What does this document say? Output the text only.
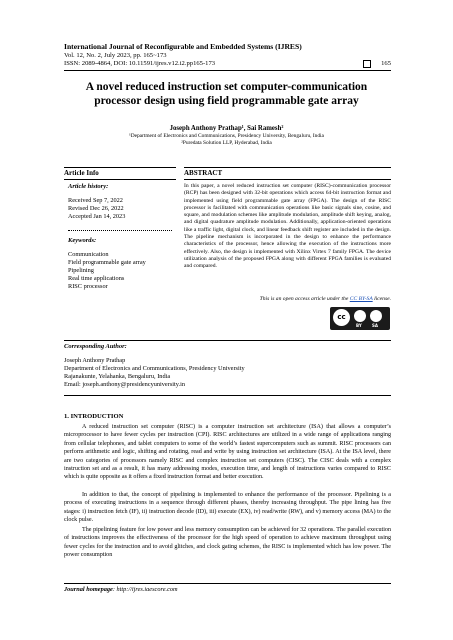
International Journal of Reconfigurable and Embedded Systems (IJRES)
Vol. 12, No. 2, July 2023, pp. 165~173
ISSN: 2089-4864, DOI: 10.11591/ijres.v12.i2.pp165-173	165
A novel reduced instruction set computer-communication processor design using field programmable gate array
Joseph Anthony Prathap¹, Sai Ramesh²
¹Department of Electronics and Communications, Presidency University, Bengaluru, India
²Puredata Solution LLP, Hyderabad, India
Article Info
Article history:
Received Sep 7, 2022
Revised Dec 26, 2022
Accepted Jan 14, 2023
Keywords:
Communication
Field programmable gate array
Pipelining
Real time applications
RISC processor
ABSTRACT
In this paper, a novel reduced instruction set computer (RISC)-communication processor (RCP) has been designed with 32-bit operations which access 64-bit instruction format and implemented using field programmable gate array (FPGA). The design of the RISC processor is facilitated with communication operations like basic signals sine, cosine, and square, and modulation schemes like amplitude modulation, amplitude shift keying, analog, and digital quadrature amplitude modulation. Additionally, application-oriented operations like a traffic light, digital clock, and linear feedback shift register are included in the design. The pipeline mechanism is incorporated in the design to enhance the performance characteristics of the processor, hence allowing the execution of the instructions more effectively. Also, the design is implemented with Xilinx Virtex 7 family FPGA. The device utilization analysis of the proposed FPGA along with different FPGA families is evaluated and compared.
This is an open access article under the CC BY-SA license.
cc
BY	SA
Corresponding Author:
Joseph Anthony Prathap
Department of Electronics and Communications, Presidency University
Rajanakunte, Yelahanka, Bengaluru, India
Email: joseph.anthony@presidencyuniversity.in
1. INTRODUCTION
A reduced instruction set computer (RISC) is a computer instruction set architecture (ISA) that allows a computer’s microprocessor to have fewer cycles per instruction (CPI). RISC architectures are utilized in a wide range of applications ranging from cellular telephones, and tablet computers to some of the world’s fastest supercomputers such as summit. RISC processors can perform arithmetic and logic, shifting and rotating, read and write by using instruction set architecture (ISA). At the ISA level, there are two categories of processors namely RISC and complex instruction set computers (CISC). The CISC deals with a complex instruction set and as a result, it has many addressing modes, execution time, and length of instructions varies compared to RISC which is quite opposite as it offers a fixed instruction format and better execution.
In addition to that, the concept of pipelining is implemented to enhance the performance of the processor. Pipelining is a process of executing instructions in a sequence through different phases, thereby increasing throughput. The pipe lining has five stages: i) instruction fetch (IF), ii) instruction decode (ID), iii) execute (EX), iv) read/write (RW), and v) memory access (MA) to the clock pulse.
The pipelining feature for low power and less memory consumption can be achieved for 32 operations. The parallel execution of instructions improves the effectiveness of the processor for the high speed of operation to achieve maximum throughput using fewer cycles for the instruction and to avoid glitches, and clock gating schemes, the RISC is implemented which has low power. The power consumption
Journal homepage: http://ijres.iaescore.com
